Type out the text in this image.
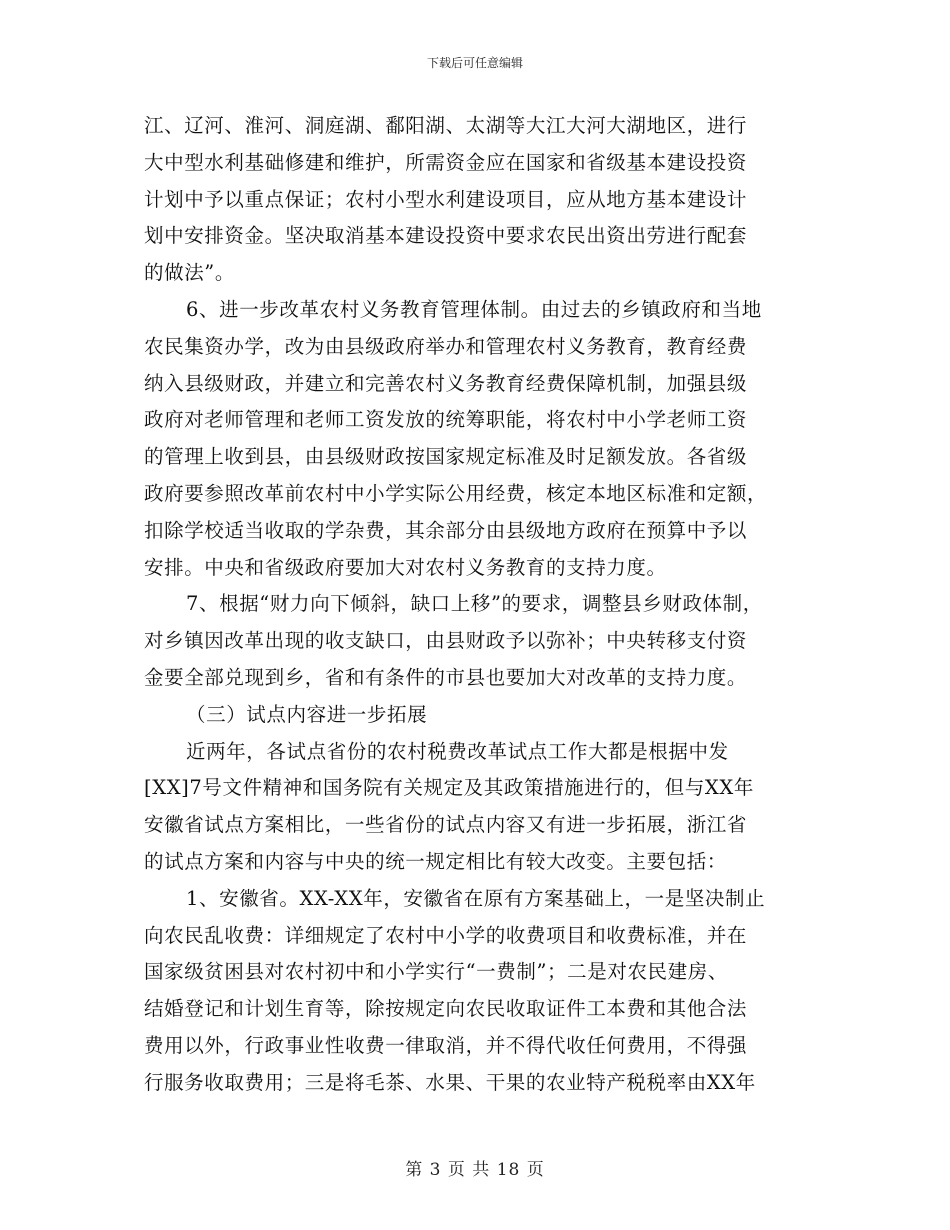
下载后可任意编辑
江、辽河、淮河、洞庭湖、鄱阳湖、太湖等大江大河大湖地区，进行
大中型水利基础修建和维护，所需资金应在国家和省级基本建设投资
计划中予以重点保证；农村小型水利建设项目，应从地方基本建设计
划中安排资金。坚决取消基本建设投资中要求农民出资出劳进行配套
的做法”。
6、进一步改革农村义务教育管理体制。由过去的乡镇政府和当地
农民集资办学，改为由县级政府举办和管理农村义务教育，教育经费
纳入县级财政，并建立和完善农村义务教育经费保障机制，加强县级
政府对老师管理和老师工资发放的统筹职能，将农村中小学老师工资
的管理上收到县，由县级财政按国家规定标准及时足额发放。各省级
政府要参照改革前农村中小学实际公用经费，核定本地区标准和定额，
扣除学校适当收取的学杂费，其余部分由县级地方政府在预算中予以
安排。中央和省级政府要加大对农村义务教育的支持力度。
7、根据“财力向下倾斜，缺口上移”的要求，调整县乡财政体制，
对乡镇因改革出现的收支缺口，由县财政予以弥补；中央转移支付资
金要全部兑现到乡，省和有条件的市县也要加大对改革的支持力度。
（三）试点内容进一步拓展
近两年，各试点省份的农村税费改革试点工作大都是根据中发
[XX]7号文件精神和国务院有关规定及其政策措施进行的，但与XX年
安徽省试点方案相比，一些省份的试点内容又有进一步拓展，浙江省
的试点方案和内容与中央的统一规定相比有较大改变。主要包括：
1、安徽省。XX-XX年，安徽省在原有方案基础上，一是坚决制止
向农民乱收费：详细规定了农村中小学的收费项目和收费标准，并在
国家级贫困县对农村初中和小学实行“一费制”；二是对农民建房、
结婚登记和计划生育等，除按规定向农民收取证件工本费和其他合法
费用以外，行政事业性收费一律取消，并不得代收任何费用，不得强
行服务收取费用；三是将毛茶、水果、干果的农业特产税税率由XX年
第 3 页 共 18 页
